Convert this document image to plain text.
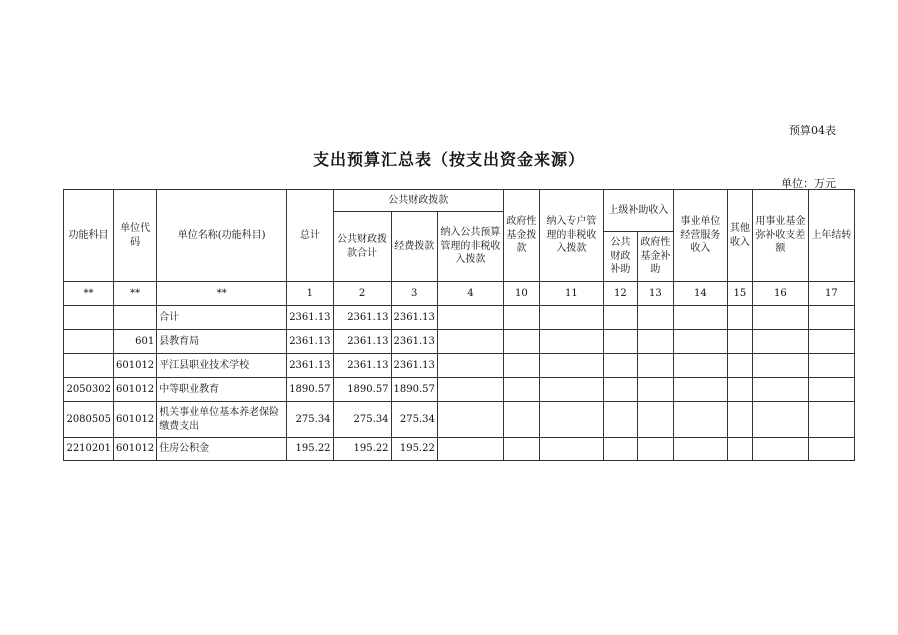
预算04表
支出预算汇总表（按支出资金来源）
单位：万元
功能科目	单位代码	单位名称(功能科目)	总计	公共财政拨款			政府性基金拨款	纳入专户管理的非税收入拨款	上级补助收入		事业单位经营服务收入	其他收入	用事业基金弥补收支差额	上年结转
				公共财政拨款合计	经费拨款	纳入公共预算管理的非税收入拨款								
									公共财政补助	政府性基金补助				
**	**	**	1	2	3	4	10	11	12	13	14	15	16	17
		合计	2361.13	2361.13	2361.13									
	601	县教育局	2361.13	2361.13	2361.13									
	601012	平江县职业技术学校	2361.13	2361.13	2361.13									
2050302	601012	中等职业教育	1890.57	1890.57	1890.57									
2080505	601012	机关事业单位基本养老保险缴费支出	275.34	275.34	275.34									
2210201	601012	住房公积金	195.22	195.22	195.22									
